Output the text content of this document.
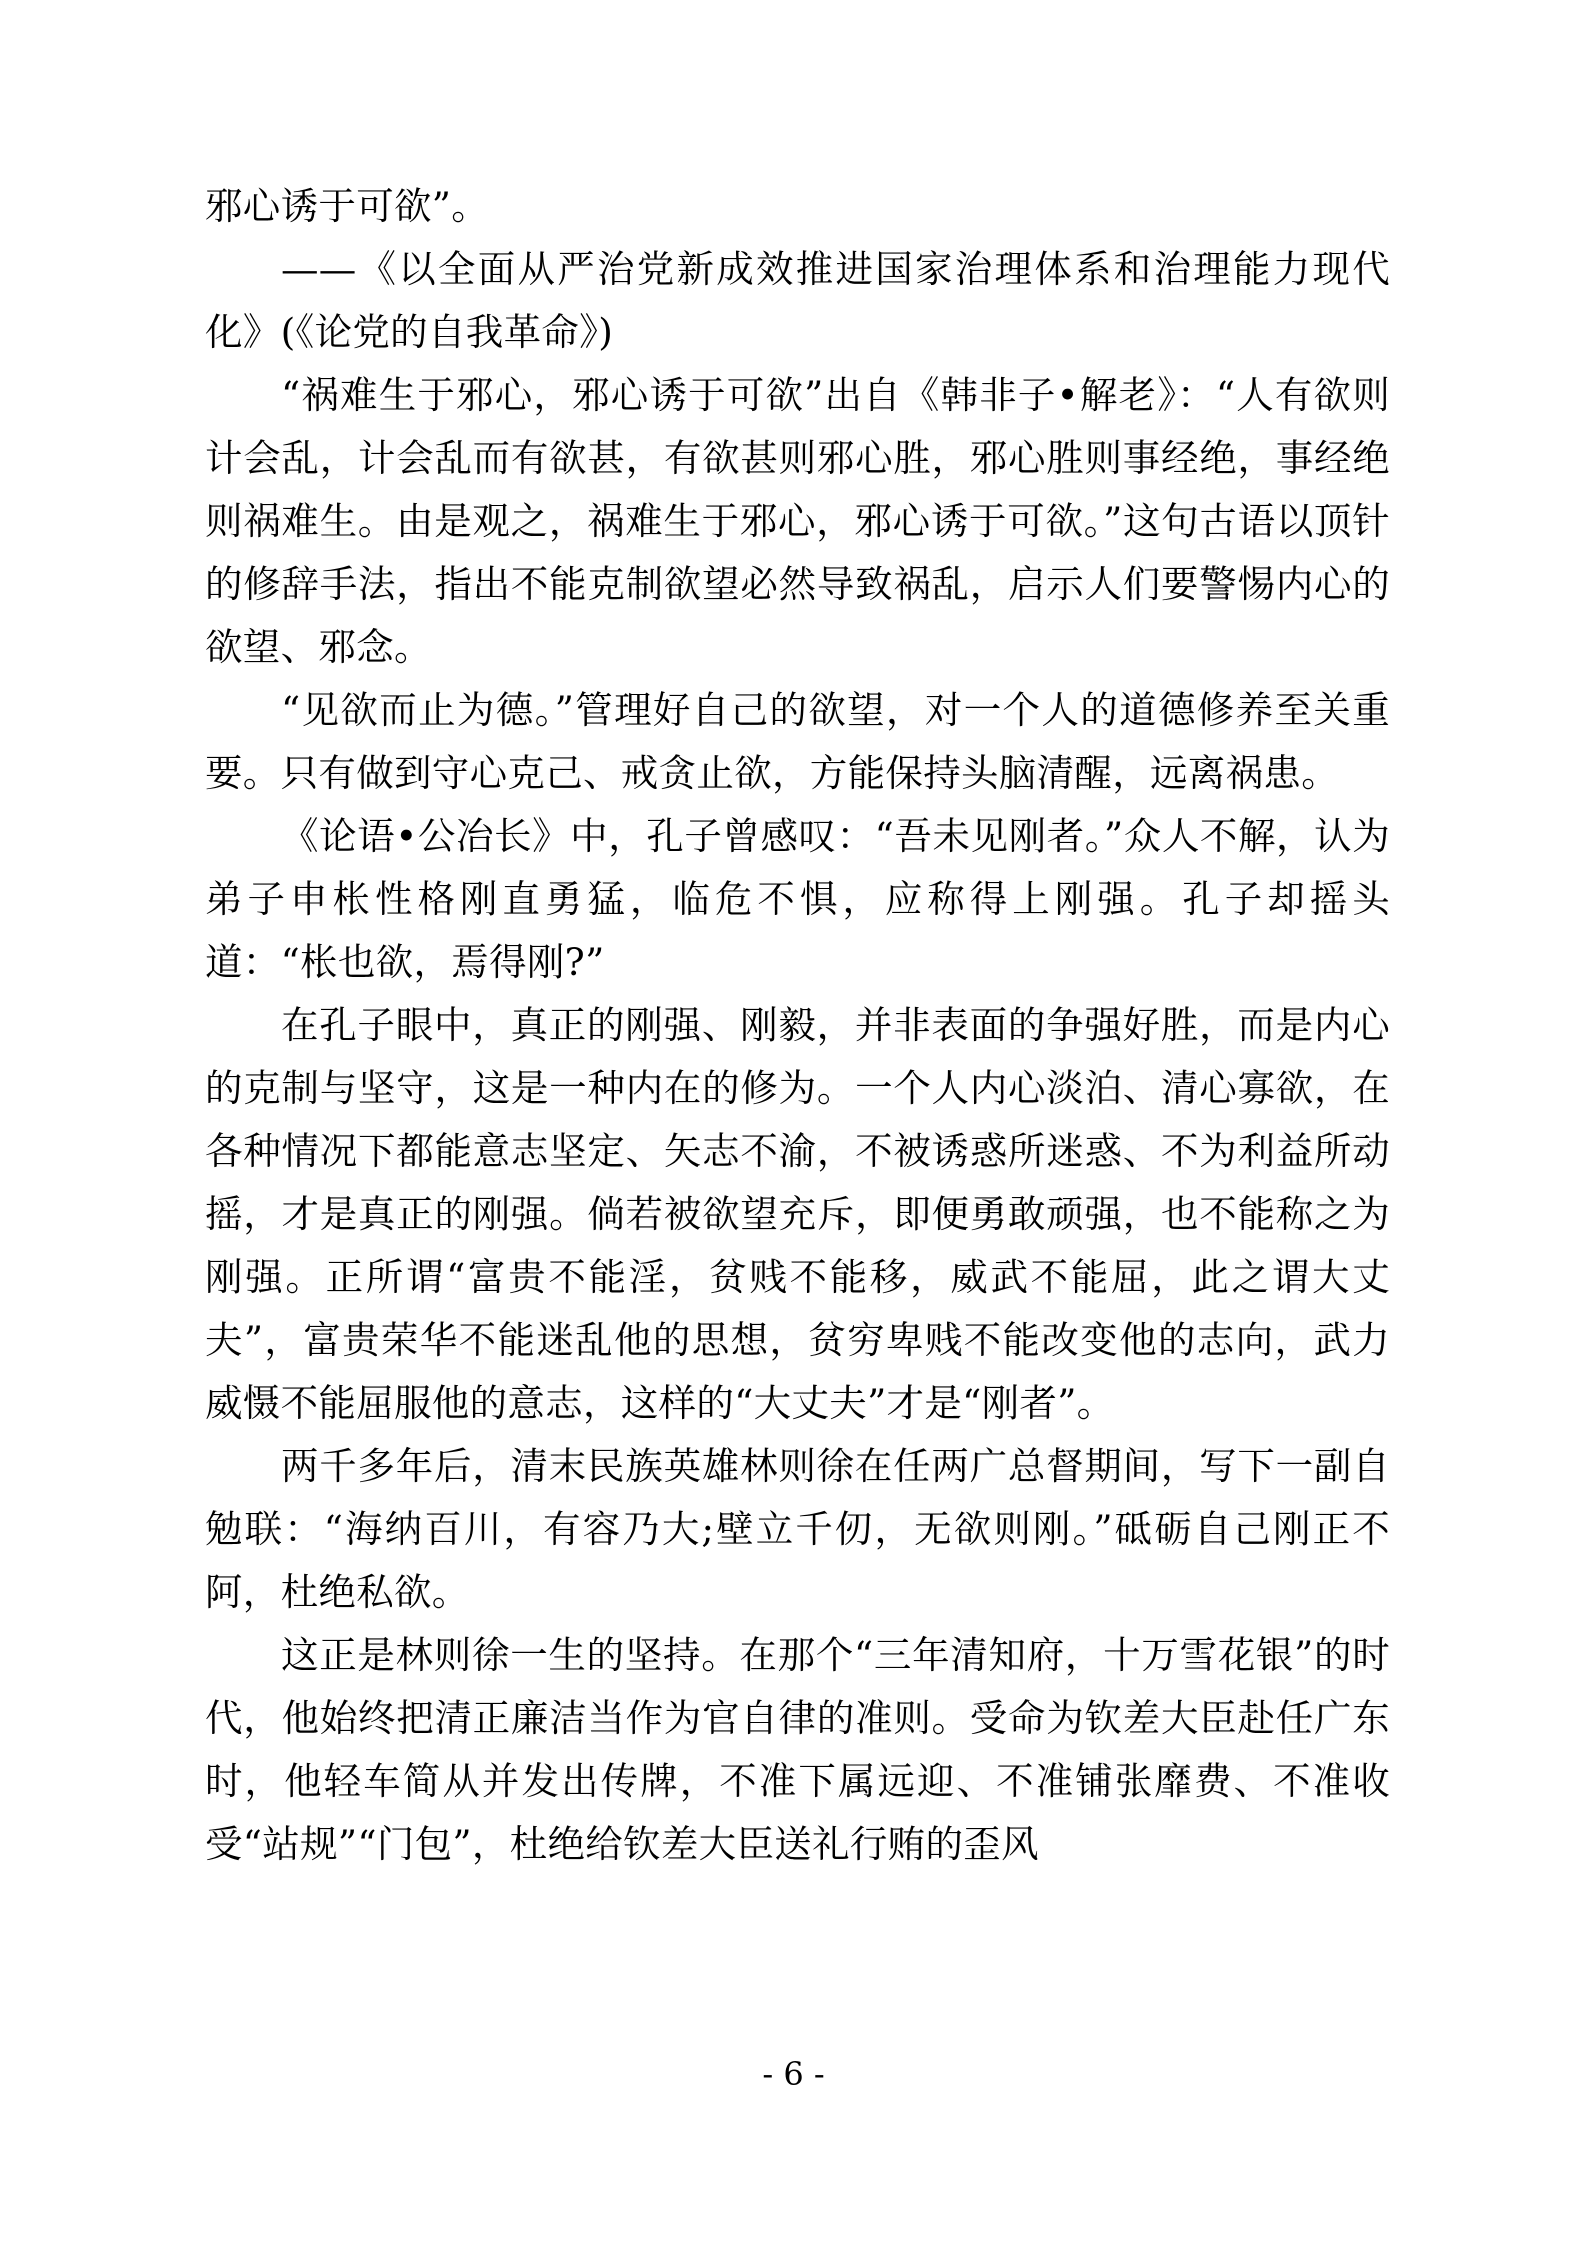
邪心诱于可欲”。

——《以全面从严治党新成效推进国家治理体系和治理能力现代化》(《论党的自我革命》)

“祸难生于邪心，邪心诱于可欲”出自《韩非子•解老》：“人有欲则计会乱，计会乱而有欲甚，有欲甚则邪心胜，邪心胜则事经绝，事经绝则祸难生。由是观之，祸难生于邪心，邪心诱于可欲。”这句古语以顶针的修辞手法，指出不能克制欲望必然导致祸乱，启示人们要警惕内心的欲望、邪念。

“见欲而止为德。”管理好自己的欲望，对一个人的道德修养至关重要。只有做到守心克己、戒贪止欲，方能保持头脑清醒，远离祸患。

《论语•公冶长》中，孔子曾感叹：“吾未见刚者。”众人不解，认为弟子申枨性格刚直勇猛，临危不惧，应称得上刚强。孔子却摇头道：“枨也欲，焉得刚?”

在孔子眼中，真正的刚强、刚毅，并非表面的争强好胜，而是内心的克制与坚守，这是一种内在的修为。一个人内心淡泊、清心寡欲，在各种情况下都能意志坚定、矢志不渝，不被诱惑所迷惑、不为利益所动摇，才是真正的刚强。倘若被欲望充斥，即便勇敢顽强，也不能称之为刚强。正所谓“富贵不能淫，贫贱不能移，威武不能屈，此之谓大丈夫”，富贵荣华不能迷乱他的思想，贫穷卑贱不能改变他的志向，武力威慑不能屈服他的意志，这样的“大丈夫”才是“刚者”。

两千多年后，清末民族英雄林则徐在任两广总督期间，写下一副自勉联：“海纳百川，有容乃大;壁立千仞，无欲则刚。”砥砺自己刚正不阿，杜绝私欲。

这正是林则徐一生的坚持。在那个“三年清知府，十万雪花银”的时代，他始终把清正廉洁当作为官自律的准则。受命为钦差大臣赴任广东时，他轻车简从并发出传牌，不准下属远迎、不准铺张靡费、不准收受“站规”“门包”，杜绝给钦差大臣送礼行贿的歪风

- 6 -
